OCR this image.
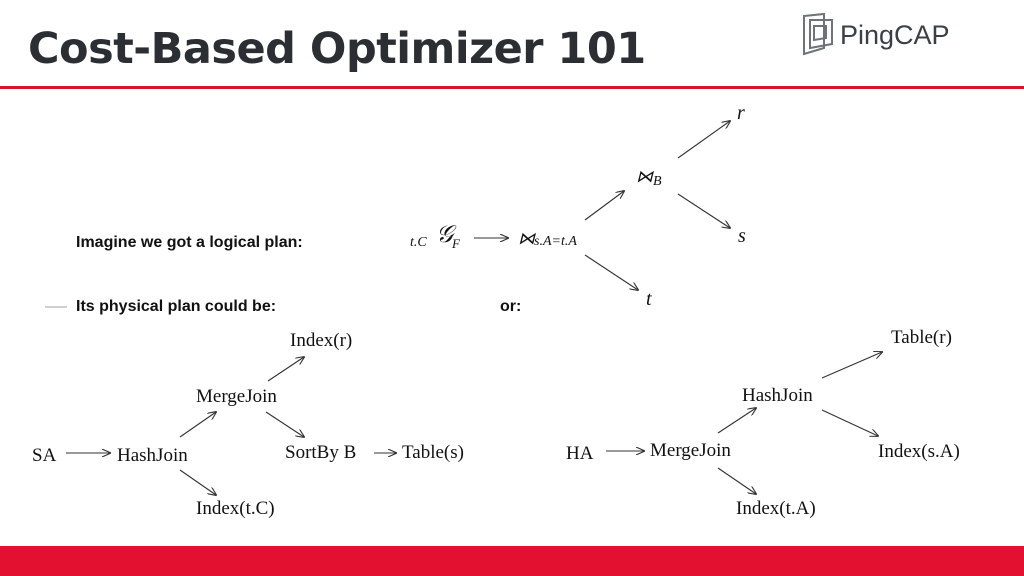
Cost-Based Optimizer 101	PingCAP
Imagine we got a logical plan:
Its physical plan could be:	or:
t.C 𝒢
F	⋈ s.A=t.A
t
⋈ B
r
s
SA	HashJoin
Index(t.C)
MergeJoin
Index(r)
SortBy B Table(s)	HA	MergeJoin
Index(t.A)
HashJoin
Table(r)
Index(s.A)
